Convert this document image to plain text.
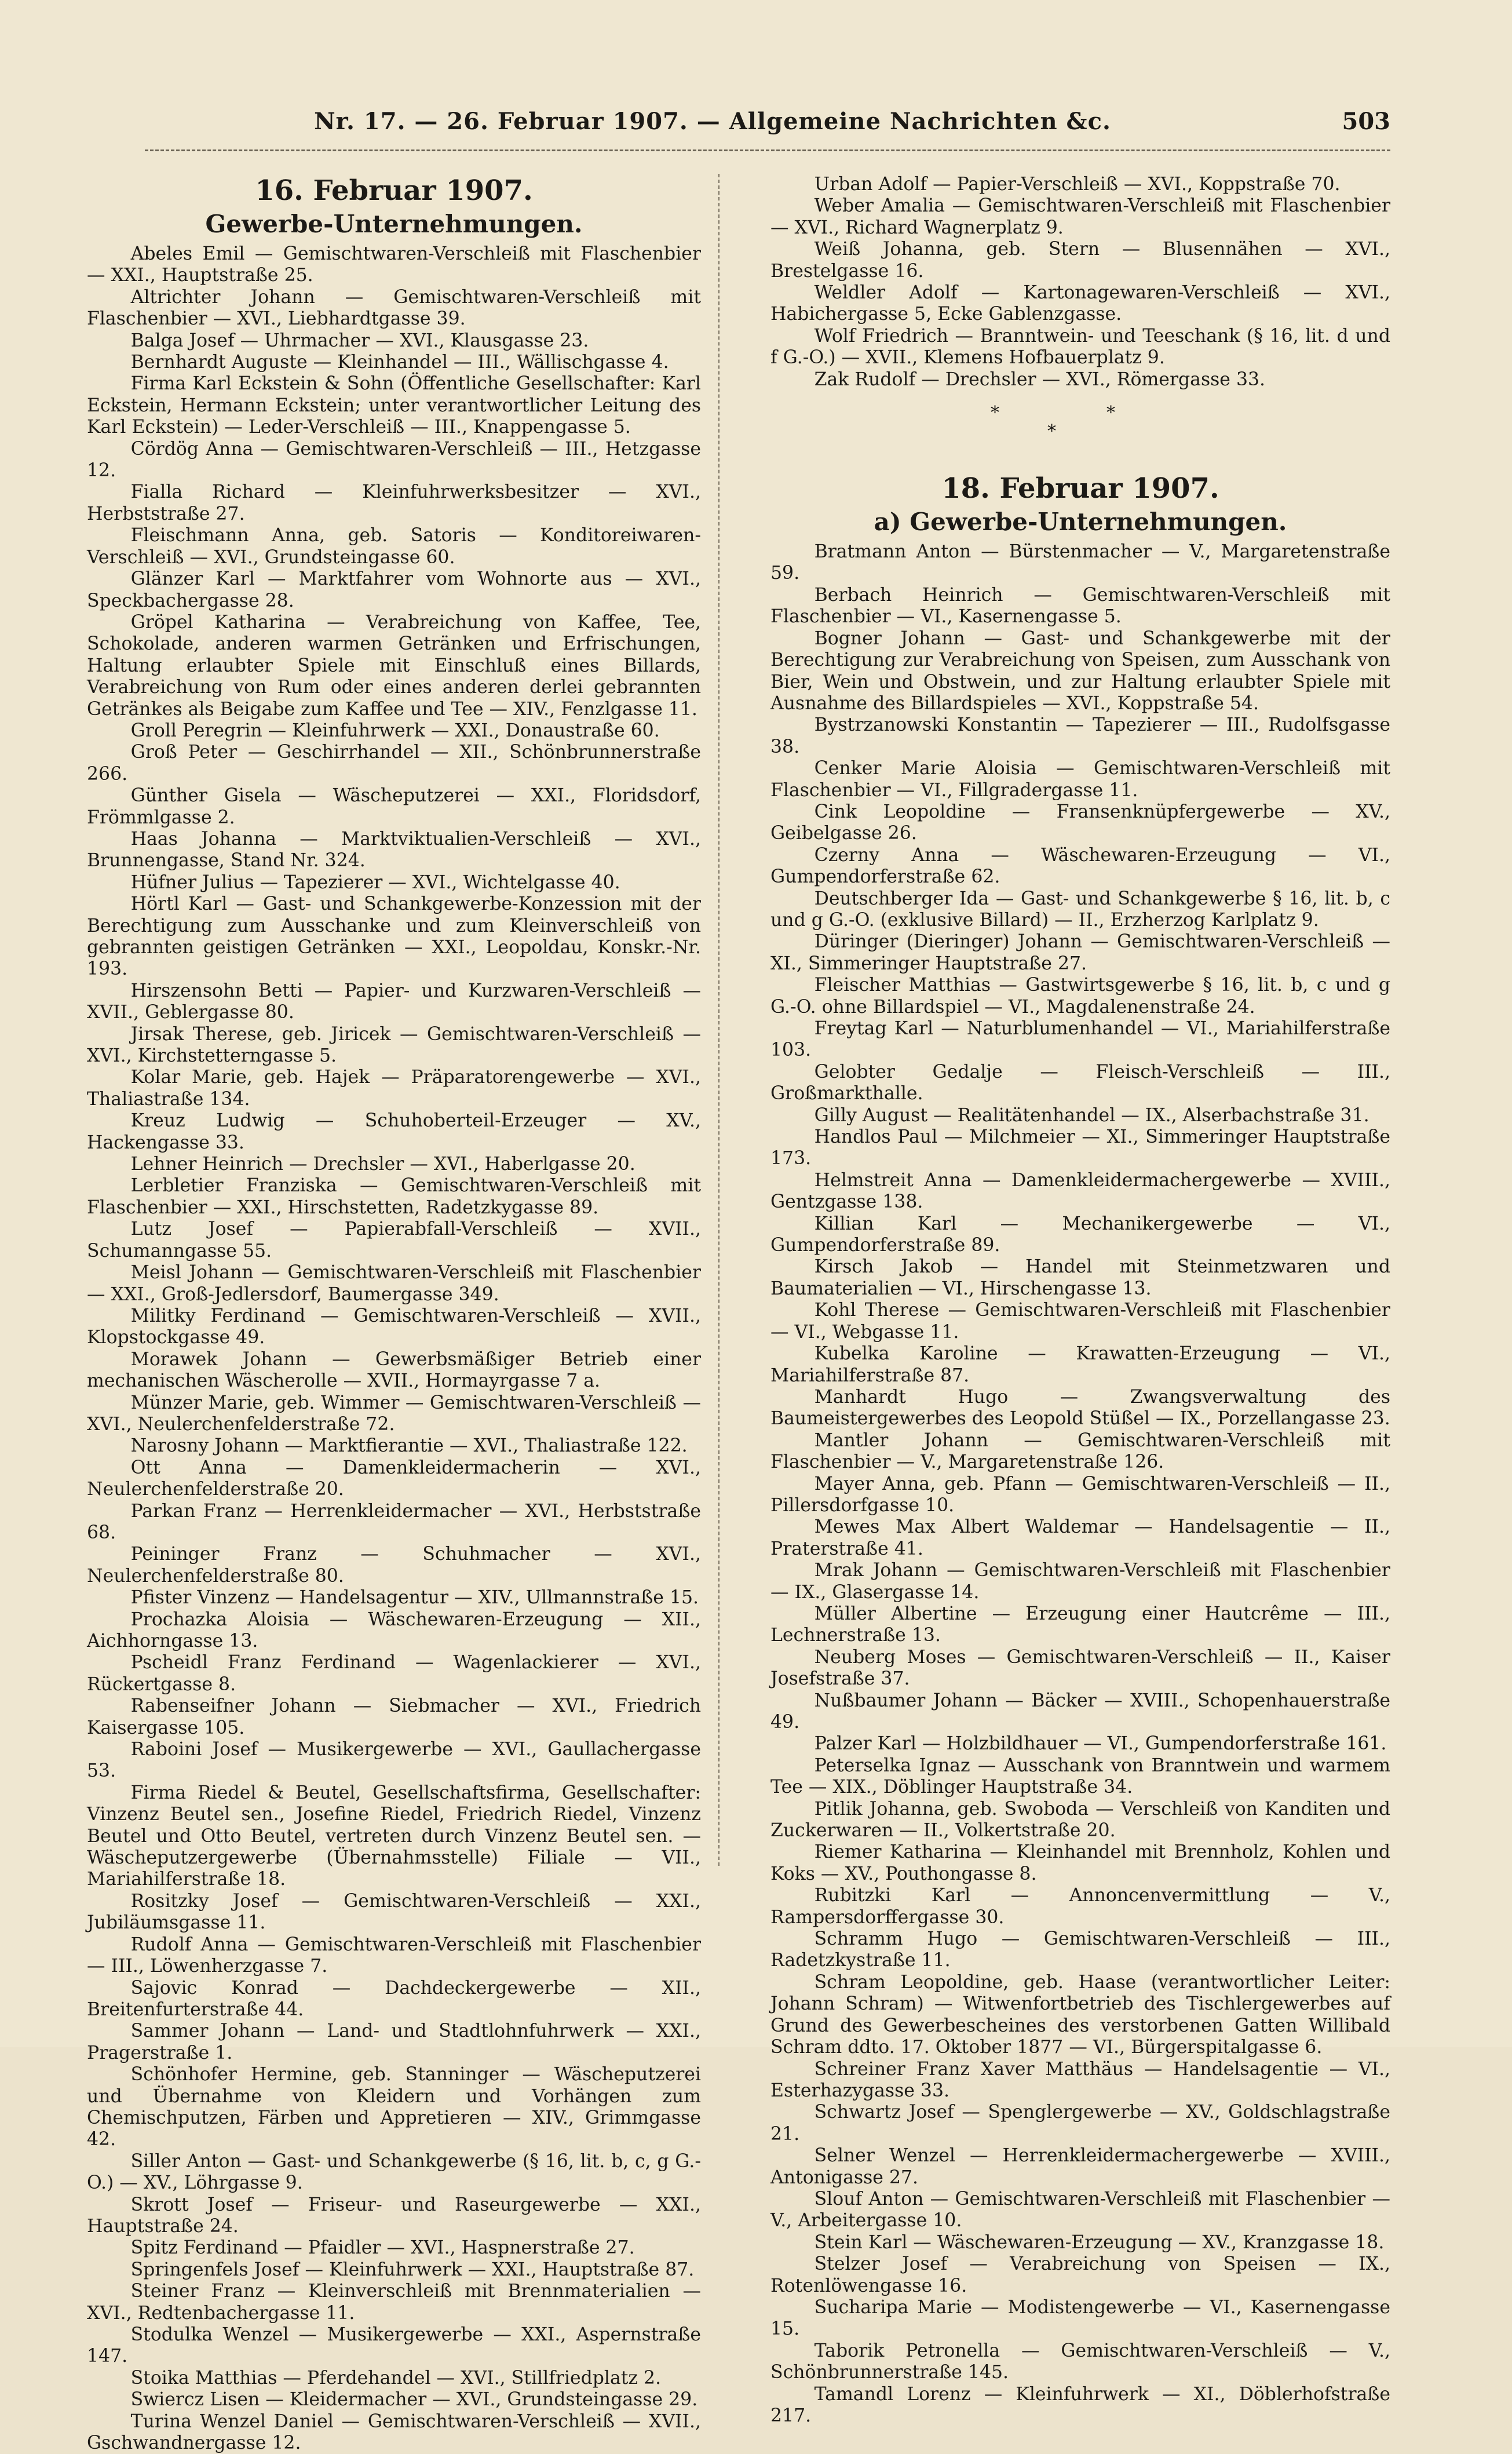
Nr. 17. — 26. Februar 1907. — Allgemeine Nachrichten &c.	503
16. Februar 1907.
Gewerbe-Unternehmungen.

Abeles Emil — Gemischtwaren-Verschleiß mit Flaschenbier — XXI., Hauptstraße 25.

Altrichter Johann — Gemischtwaren-Verschleiß mit Flaschenbier — XVI., Liebhardtgasse 39.

Balga Josef — Uhrmacher — XVI., Klausgasse 23.

Bernhardt Auguste — Kleinhandel — III., Wällischgasse 4.

Firma Karl Eckstein & Sohn (Öffentliche Gesellschafter: Karl Eckstein, Hermann Eckstein; unter verantwortlicher Leitung des Karl Eckstein) — Leder-Verschleiß — III., Knappengasse 5.

Cördög Anna — Gemischtwaren-Verschleiß — III., Hetzgasse 12.

Fialla Richard — Kleinfuhrwerksbesitzer — XVI., Herbststraße 27.

Fleischmann Anna, geb. Satoris — Konditoreiwaren-Verschleiß — XVI., Grundsteingasse 60.

Glänzer Karl — Marktfahrer vom Wohnorte aus — XVI., Speckbachergasse 28.

Gröpel Katharina — Verabreichung von Kaffee, Tee, Schokolade, anderen warmen Getränken und Erfrischungen, Haltung erlaubter Spiele mit Einschluß eines Billards, Verabreichung von Rum oder eines anderen derlei gebrannten Getränkes als Beigabe zum Kaffee und Tee — XIV., Fenzlgasse 11.

Groll Peregrin — Kleinfuhrwerk — XXI., Donaustraße 60.

Groß Peter — Geschirrhandel — XII., Schönbrunnerstraße 266.

Günther Gisela — Wäscheputzerei — XXI., Floridsdorf, Frömmlgasse 2.

Haas Johanna — Marktviktualien-Verschleiß — XVI., Brunnengasse, Stand Nr. 324.

Hüfner Julius — Tapezierer — XVI., Wichtelgasse 40.

Hörtl Karl — Gast- und Schankgewerbe-Konzession mit der Berechtigung zum Ausschanke und zum Kleinverschleiß von gebrannten geistigen Getränken — XXI., Leopoldau, Konskr.-Nr. 193.

Hirszensohn Betti — Papier- und Kurzwaren-Verschleiß — XVII., Geblergasse 80.

Jirsak Therese, geb. Jiricek — Gemischtwaren-Verschleiß — XVI., Kirchstetterngasse 5.

Kolar Marie, geb. Hajek — Präparatorengewerbe — XVI., Thaliastraße 134.

Kreuz Ludwig — Schuhoberteil-Erzeuger — XV., Hackengasse 33.

Lehner Heinrich — Drechsler — XVI., Haberlgasse 20.

Lerbletier Franziska — Gemischtwaren-Verschleiß mit Flaschenbier — XXI., Hirschstetten, Radetzkygasse 89.

Lutz Josef — Papierabfall-Verschleiß — XVII., Schumanngasse 55.

Meisl Johann — Gemischtwaren-Verschleiß mit Flaschenbier — XXI., Groß-Jedlersdorf, Baumergasse 349.

Militky Ferdinand — Gemischtwaren-Verschleiß — XVII., Klopstockgasse 49.

Morawek Johann — Gewerbsmäßiger Betrieb einer mechanischen Wäscherolle — XVII., Hormayrgasse 7 a.

Münzer Marie, geb. Wimmer — Gemischtwaren-Verschleiß — XVI., Neulerchenfelderstraße 72.

Narosny Johann — Marktfierantie — XVI., Thaliastraße 122.

Ott Anna — Damenkleidermacherin — XVI., Neulerchenfelderstraße 20.

Parkan Franz — Herrenkleidermacher — XVI., Herbststraße 68.

Peininger Franz — Schuhmacher — XVI., Neulerchenfelderstraße 80.

Pfister Vinzenz — Handelsagentur — XIV., Ullmannstraße 15.

Prochazka Aloisia — Wäschewaren-Erzeugung — XII., Aichhorngasse 13.

Pscheidl Franz Ferdinand — Wagenlackierer — XVI., Rückertgasse 8.

Rabenseifner Johann — Siebmacher — XVI., Friedrich Kaisergasse 105.

Raboini Josef — Musikergewerbe — XVI., Gaullachergasse 53.

Firma Riedel & Beutel, Gesellschaftsfirma, Gesellschafter: Vinzenz Beutel sen., Josefine Riedel, Friedrich Riedel, Vinzenz Beutel und Otto Beutel, vertreten durch Vinzenz Beutel sen. — Wäscheputzergewerbe (Übernahmsstelle) Filiale — VII., Mariahilferstraße 18.

Rositzky Josef — Gemischtwaren-Verschleiß — XXI., Jubiläumsgasse 11.

Rudolf Anna — Gemischtwaren-Verschleiß mit Flaschenbier — III., Löwenherzgasse 7.

Sajovic Konrad — Dachdeckergewerbe — XII., Breitenfurterstraße 44.

Sammer Johann — Land- und Stadtlohnfuhrwerk — XXI., Pragerstraße 1.

Schönhofer Hermine, geb. Stanninger — Wäscheputzerei und Übernahme von Kleidern und Vorhängen zum Chemischputzen, Färben und Appretieren — XIV., Grimmgasse 42.

Siller Anton — Gast- und Schankgewerbe (§ 16, lit. b, c, g G.-O.) — XV., Löhrgasse 9.

Skrott Josef — Friseur- und Raseurgewerbe — XXI., Hauptstraße 24.

Spitz Ferdinand — Pfaidler — XVI., Haspnerstraße 27.

Springenfels Josef — Kleinfuhrwerk — XXI., Hauptstraße 87.

Steiner Franz — Kleinverschleiß mit Brennmaterialien — XVI., Redtenbachergasse 11.

Stodulka Wenzel — Musikergewerbe — XXI., Aspernstraße 147.

Stoika Matthias — Pferdehandel — XVI., Stillfriedplatz 2.

Swiercz Lisen — Kleidermacher — XVI., Grundsteingasse 29.

Turina Wenzel Daniel — Gemischtwaren-Verschleiß — XVII., Gschwandnergasse 12.

Urban Adolf — Papier-Verschleiß — XVI., Koppstraße 70.

Weber Amalia — Gemischtwaren-Verschleiß mit Flaschenbier — XVI., Richard Wagnerplatz 9.

Weiß Johanna, geb. Stern — Blusennähen — XVI., Brestelgasse 16.

Weldler Adolf — Kartonagewaren-Verschleiß — XVI., Habichergasse 5, Ecke Gablenzgasse.

Wolf Friedrich — Branntwein- und Teeschank (§ 16, lit. d und f G.-O.) — XVII., Klemens Hofbauerplatz 9.

Zak Rudolf — Drechsler — XVI., Römergasse 33.

*	*
*
18. Februar 1907.
a) Gewerbe-Unternehmungen.

Bratmann Anton — Bürstenmacher — V., Margaretenstraße 59.

Berbach Heinrich — Gemischtwaren-Verschleiß mit Flaschenbier — VI., Kasernengasse 5.

Bogner Johann — Gast- und Schankgewerbe mit der Berechtigung zur Verabreichung von Speisen, zum Ausschank von Bier, Wein und Obstwein, und zur Haltung erlaubter Spiele mit Ausnahme des Billardspieles — XVI., Koppstraße 54.

Bystrzanowski Konstantin — Tapezierer — III., Rudolfsgasse 38.

Cenker Marie Aloisia — Gemischtwaren-Verschleiß mit Flaschenbier — VI., Fillgradergasse 11.

Cink Leopoldine — Fransenknüpfergewerbe — XV., Geibelgasse 26.

Czerny Anna — Wäschewaren-Erzeugung — VI., Gumpendorferstraße 62.

Deutschberger Ida — Gast- und Schankgewerbe § 16, lit. b, c und g G.-O. (exklusive Billard) — II., Erzherzog Karlplatz 9.

Düringer (Dieringer) Johann — Gemischtwaren-Verschleiß — XI., Simmeringer Hauptstraße 27.

Fleischer Matthias — Gastwirtsgewerbe § 16, lit. b, c und g G.-O. ohne Billardspiel — VI., Magdalenenstraße 24.

Freytag Karl — Naturblumenhandel — VI., Mariahilferstraße 103.

Gelobter Gedalje — Fleisch-Verschleiß — III., Großmarkthalle.

Gilly August — Realitätenhandel — IX., Alserbachstraße 31.

Handlos Paul — Milchmeier — XI., Simmeringer Hauptstraße 173.

Helmstreit Anna — Damenkleidermachergewerbe — XVIII., Gentzgasse 138.

Killian Karl — Mechanikergewerbe — VI., Gumpendorferstraße 89.

Kirsch Jakob — Handel mit Steinmetzwaren und Baumaterialien — VI., Hirschengasse 13.

Kohl Therese — Gemischtwaren-Verschleiß mit Flaschenbier — VI., Webgasse 11.

Kubelka Karoline — Krawatten-Erzeugung — VI., Mariahilferstraße 87.

Manhardt Hugo — Zwangsverwaltung des Baumeistergewerbes des Leopold Stüßel — IX., Porzellangasse 23.

Mantler Johann — Gemischtwaren-Verschleiß mit Flaschenbier — V., Margaretenstraße 126.

Mayer Anna, geb. Pfann — Gemischtwaren-Verschleiß — II., Pillersdorfgasse 10.

Mewes Max Albert Waldemar — Handelsagentie — II., Praterstraße 41.

Mrak Johann — Gemischtwaren-Verschleiß mit Flaschenbier — IX., Glasergasse 14.

Müller Albertine — Erzeugung einer Hautcrême — III., Lechnerstraße 13.

Neuberg Moses — Gemischtwaren-Verschleiß — II., Kaiser Josefstraße 37.

Nußbaumer Johann — Bäcker — XVIII., Schopenhauerstraße 49.

Palzer Karl — Holzbildhauer — VI., Gumpendorferstraße 161.

Peterselka Ignaz — Ausschank von Branntwein und warmem Tee — XIX., Döblinger Hauptstraße 34.

Pitlik Johanna, geb. Swoboda — Verschleiß von Kanditen und Zuckerwaren — II., Volkertstraße 20.

Riemer Katharina — Kleinhandel mit Brennholz, Kohlen und Koks — XV., Pouthongasse 8.

Rubitzki Karl — Annoncenvermittlung — V., Rampersdorffergasse 30.

Schramm Hugo — Gemischtwaren-Verschleiß — III., Radetzkystraße 11.

Schram Leopoldine, geb. Haase (verantwortlicher Leiter: Johann Schram) — Witwenfortbetrieb des Tischlergewerbes auf Grund des Gewerbescheines des verstorbenen Gatten Willibald Schram ddto. 17. Oktober 1877 — VI., Bürgerspitalgasse 6.

Schreiner Franz Xaver Matthäus — Handelsagentie — VI., Esterhazygasse 33.

Schwartz Josef — Spenglergewerbe — XV., Goldschlagstraße 21.

Selner Wenzel — Herrenkleidermachergewerbe — XVIII., Antonigasse 27.

Slouf Anton — Gemischtwaren-Verschleiß mit Flaschenbier — V., Arbeitergasse 10.

Stein Karl — Wäschewaren-Erzeugung — XV., Kranzgasse 18.

Stelzer Josef — Verabreichung von Speisen — IX., Rotenlöwengasse 16.

Sucharipa Marie — Modistengewerbe — VI., Kasernengasse 15.

Taborik Petronella — Gemischtwaren-Verschleiß — V., Schönbrunnerstraße 145.

Tamandl Lorenz — Kleinfuhrwerk — XI., Döblerhofstraße 217.
